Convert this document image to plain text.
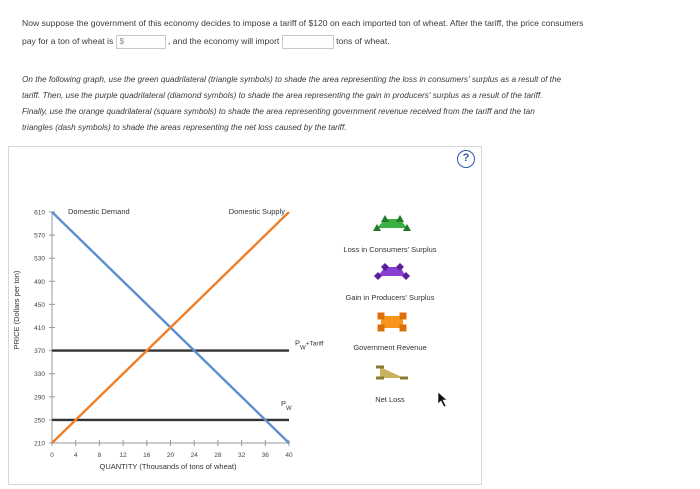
Now suppose the government of this economy decides to impose a tariff of $120 on each imported ton of wheat. After the tariff, the price consumers
pay for a ton of wheat is $	, and the economy will import	tons of wheat.
On the following graph, use the green quadrilateral (triangle symbols) to shade the area representing the loss in consumers' surplus as a result of the
tariff. Then, use the purple quadrilateral (diamond symbols) to shade the area representing the gain in producers' surplus as a result of the tariff.
Finally, use the orange quadrilateral (square symbols) to shade the area representing government revenue received from the tariff and the tan
triangles (dash symbols) to shade the areas representing the net loss caused by the tariff.
?
210
250
290
330
370
410
450
490
530
570
610
0	4	8	12	16	20	24	28	32	36	40
$P_W+Tariff$
$P_W$
Domestic Demand	Domestic Supply
Loss in Consumers' Surplus
Gain in Producers' Surplus
Government Revenue
Net Loss
PRICE (Dollars per ton)
QUANTITY (Thousands of tons of wheat)
